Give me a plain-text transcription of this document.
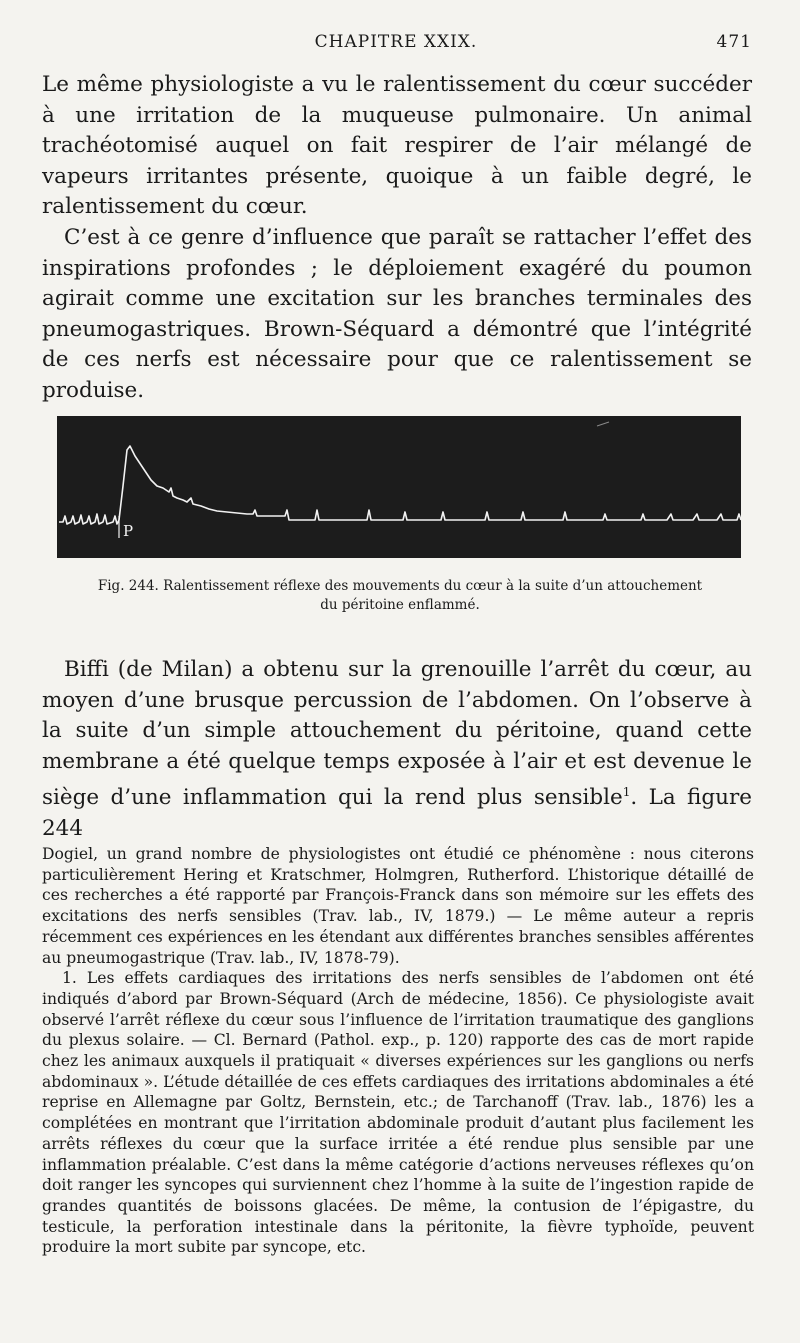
CHAPITRE XXIX.	471

Le même physiologiste a vu le ralentissement du cœur succéder à une irritation de la muqueuse pulmonaire. Un animal trachéotomisé auquel on fait respirer de l’air mélangé de vapeurs irritantes présente, quoique à un faible degré, le ralentissement du cœur.

C’est à ce genre d’influence que paraît se rattacher l’effet des inspirations profondes ; le déploiement exagéré du poumon agirait comme une excitation sur les branches terminales des pneumogastriques. Brown-Séquard a démontré que l’intégrité de ces nerfs est nécessaire pour que ce ralentissement se produise.

P
Fig. 244. Ralentissement réflexe des mouvements du cœur à la suite d’un attouchement
du péritoine enflammé.

Biffi (de Milan) a obtenu sur la grenouille l’arrêt du cœur, au moyen d’une brusque percussion de l’abdomen. On l’observe à la suite d’un simple attouchement du péritoine, quand cette membrane a été quelque temps exposée à l’air et est devenue le siège d’une inflammation qui la rend plus sensible$^1$. La figure 244

Dogiel, un grand nombre de physiologistes ont étudié ce phénomène : nous citerons particulièrement Hering et Kratschmer, Holmgren, Rutherford. L’historique détaillé de ces recherches a été rapporté par François-Franck dans son mémoire sur les effets des excitations des nerfs sensibles (Trav. lab., IV, 1879.) — Le même auteur a repris récemment ces expériences en les étendant aux différentes branches sensibles afférentes au pneumogastrique (Trav. lab., IV, 1878-79).

1. Les effets cardiaques des irritations des nerfs sensibles de l’abdomen ont été indiqués d’abord par Brown-Séquard (Arch de médecine, 1856). Ce physiologiste avait observé l’arrêt réflexe du cœur sous l’influence de l’irritation traumatique des ganglions du plexus solaire. — Cl. Bernard (Pathol. exp., p. 120) rapporte des cas de mort rapide chez les animaux auxquels il pratiquait « diverses expériences sur les ganglions ou nerfs abdominaux ». L’étude détaillée de ces effets cardiaques des irritations abdominales a été reprise en Allemagne par Goltz, Bernstein, etc.; de Tarchanoff (Trav. lab., 1876) les a complétées en montrant que l’irritation abdominale produit d’autant plus facilement les arrêts réflexes du cœur que la surface irritée a été rendue plus sensible par une inflammation préalable. C’est dans la même catégorie d’actions nerveuses réflexes qu’on doit ranger les syncopes qui surviennent chez l’homme à la suite de l’ingestion rapide de grandes quantités de boissons glacées. De même, la contusion de l’épigastre, du testicule, la perforation intestinale dans la péritonite, la fièvre typhoïde, peuvent produire la mort subite par syncope, etc.
